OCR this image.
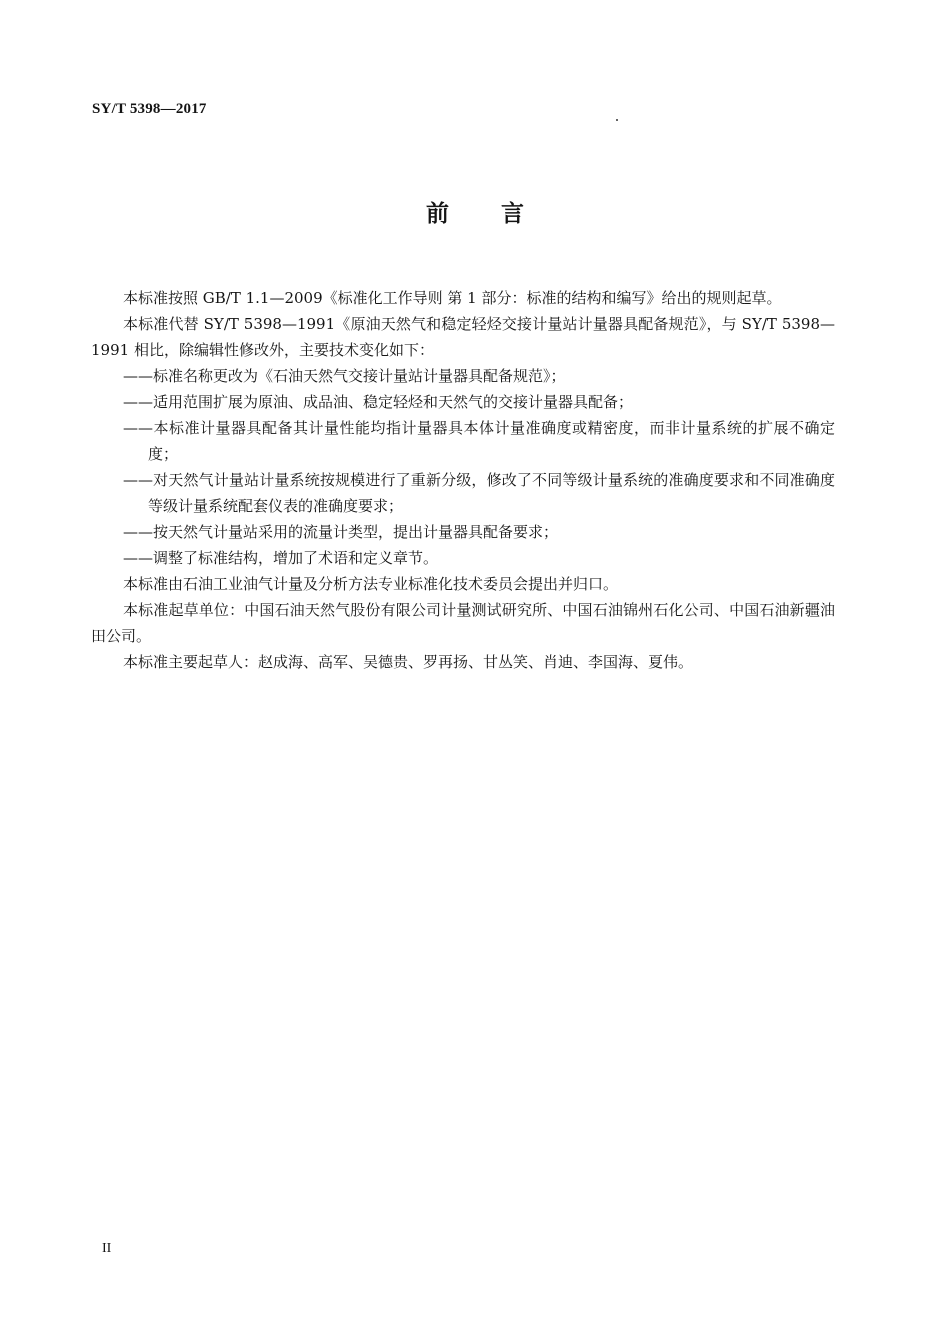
SY/T 5398—2017
前言

本标准按照 GB/T 1.1—2009《标准化工作导则 第 1 部分：标准的结构和编写》给出的规则起草。

本标准代替 SY/T 5398—1991《原油天然气和稳定轻烃交接计量站计量器具配备规范》，与 SY/T 5398—1991 相比，除编辑性修改外，主要技术变化如下：

——标准名称更改为《石油天然气交接计量站计量器具配备规范》；

——适用范围扩展为原油、成品油、稳定轻烃和天然气的交接计量器具配备；

——本标准计量器具配备其计量性能均指计量器具本体计量准确度或精密度，而非计量系统的扩展不确定度；

——对天然气计量站计量系统按规模进行了重新分级，修改了不同等级计量系统的准确度要求和不同准确度等级计量系统配套仪表的准确度要求；

——按天然气计量站采用的流量计类型，提出计量器具配备要求；

——调整了标准结构，增加了术语和定义章节。

本标准由石油工业油气计量及分析方法专业标准化技术委员会提出并归口。

本标准起草单位：中国石油天然气股份有限公司计量测试研究所、中国石油锦州石化公司、中国石油新疆油田公司。

本标准主要起草人：赵成海、高军、吴德贵、罗再扬、甘丛笑、肖迪、李国海、夏伟。

II
